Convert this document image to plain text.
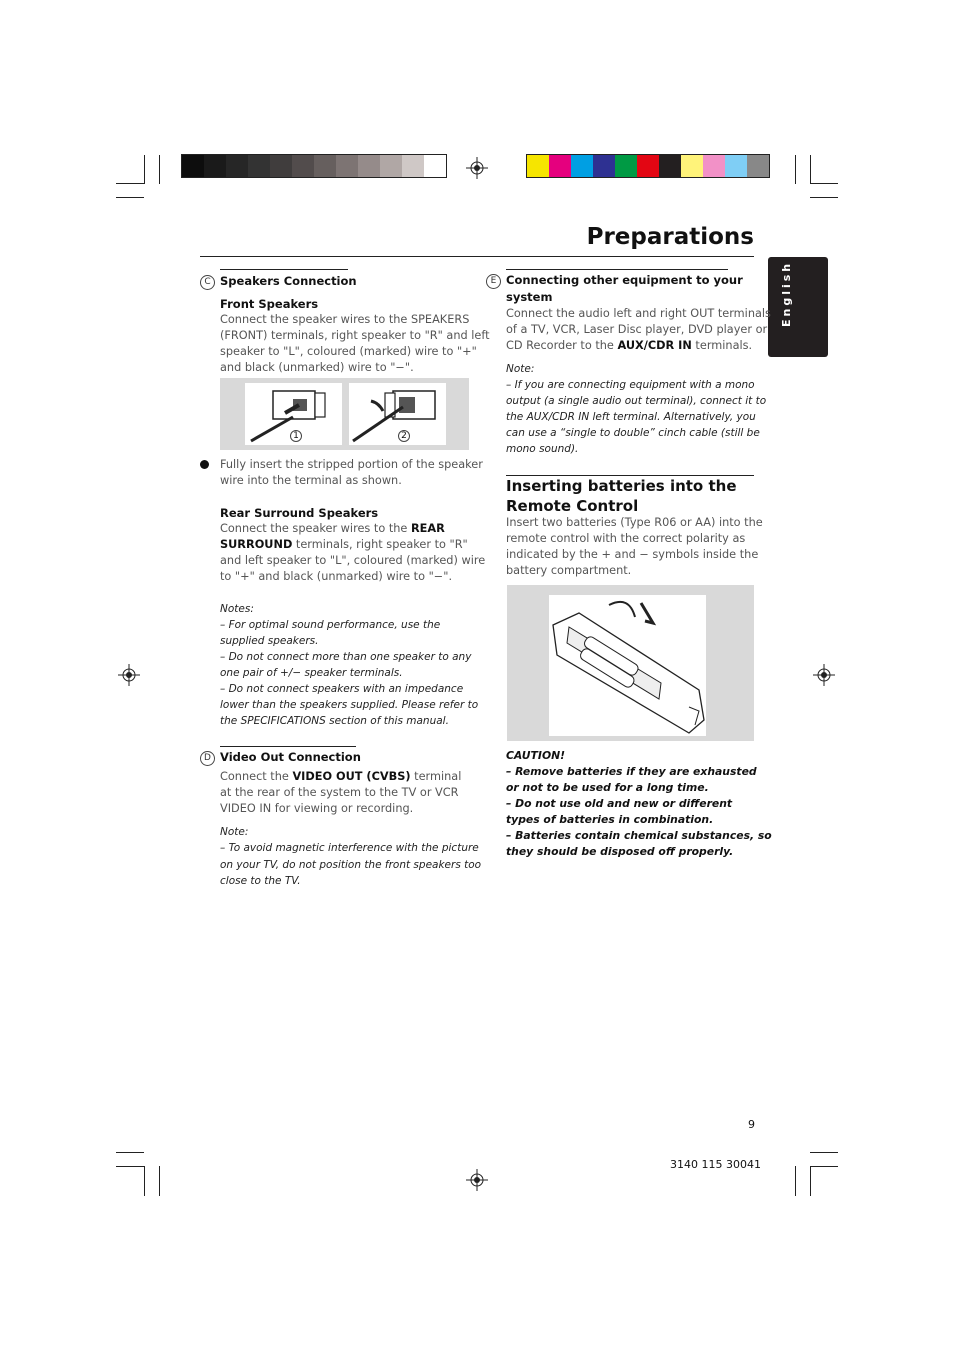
Preparations
English
C Speakers Connection
Front Speakers
Connect the speaker wires to the SPEAKERS
(FRONT) terminals, right speaker to "R" and left
speaker to "L", coloured (marked) wire to "+"
and black (unmarked) wire to "−".
1	2
Fully insert the stripped portion of the speaker
wire into the terminal as shown.
Rear Surround Speakers
Connect the speaker wires to the REAR
SURROUND terminals, right speaker to "R"
and left speaker to "L", coloured (marked) wire
to "+" and black (unmarked) wire to "−".
Notes:
– For optimal sound performance, use the
supplied speakers.
– Do not connect more than one speaker to any
one pair of +/− speaker terminals.
– Do not connect speakers with an impedance
lower than the speakers supplied. Please refer to
the SPECIFICATIONS section of this manual.
D Video Out Connection
Connect the VIDEO OUT (CVBS) terminal
at the rear of the system to the TV or VCR
VIDEO IN for viewing or recording.
Note:
– To avoid magnetic interference with the picture
on your TV, do not position the front speakers too
close to the TV.
E Connecting other equipment to your
system
Connect the audio left and right OUT terminals
of a TV, VCR, Laser Disc player, DVD player or
CD Recorder to the AUX/CDR IN terminals.
Note:
– If you are connecting equipment with a mono
output (a single audio out terminal), connect it to
the AUX/CDR IN left terminal. Alternatively, you
can use a “single to double” cinch cable (still be
mono sound).
Inserting batteries into the
Remote Control
Insert two batteries (Type R06 or AA) into the
remote control with the correct polarity as
indicated by the + and − symbols inside the
battery compartment.
CAUTION!
– Remove batteries if they are exhausted
or not to be used for a long time.
– Do not use old and new or different
types of batteries in combination.
– Batteries contain chemical substances, so
they should be disposed off properly.
9
3140 115 30041
